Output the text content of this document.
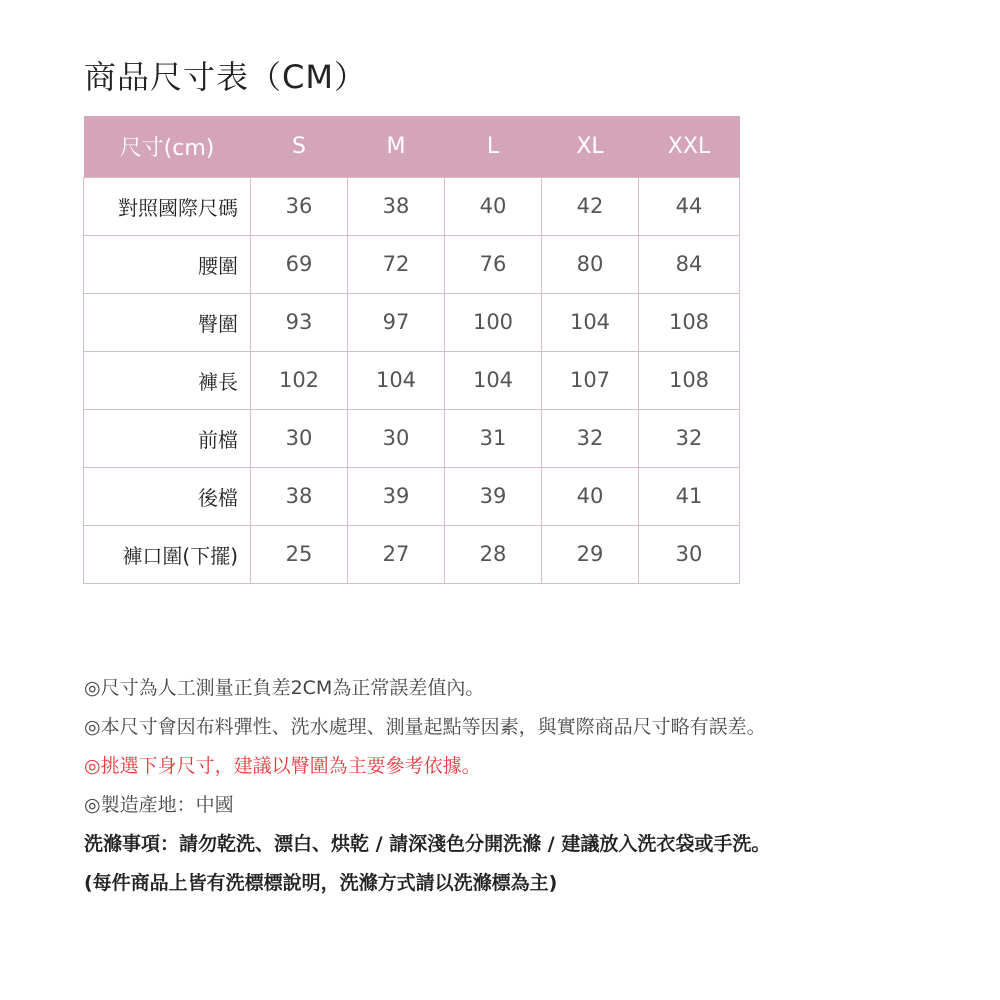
商品尺寸表（CM）
尺寸(cm)	S	M	L	XL	XXL
對照國際尺碼	36	38	40	42	44
腰圍	69	72	76	80	84
臀圍	93	97	100	104	108
褲長	102	104	104	107	108
前檔	30	30	31	32	32
後檔	38	39	39	40	41
褲口圍(下擺)	25	27	28	29	30
◎尺寸為人工測量正負差2CM為正常誤差值內。
◎本尺寸會因布料彈性、洗水處理、測量起點等因素，與實際商品尺寸略有誤差。
◎挑選下身尺寸，建議以臀圍為主要參考依據。
◎製造產地：中國
洗滌事項：請勿乾洗、漂白、烘乾 / 請深淺色分開洗滌 / 建議放入洗衣袋或手洗。
(每件商品上皆有洗標標說明，洗滌方式請以洗滌標為主)
